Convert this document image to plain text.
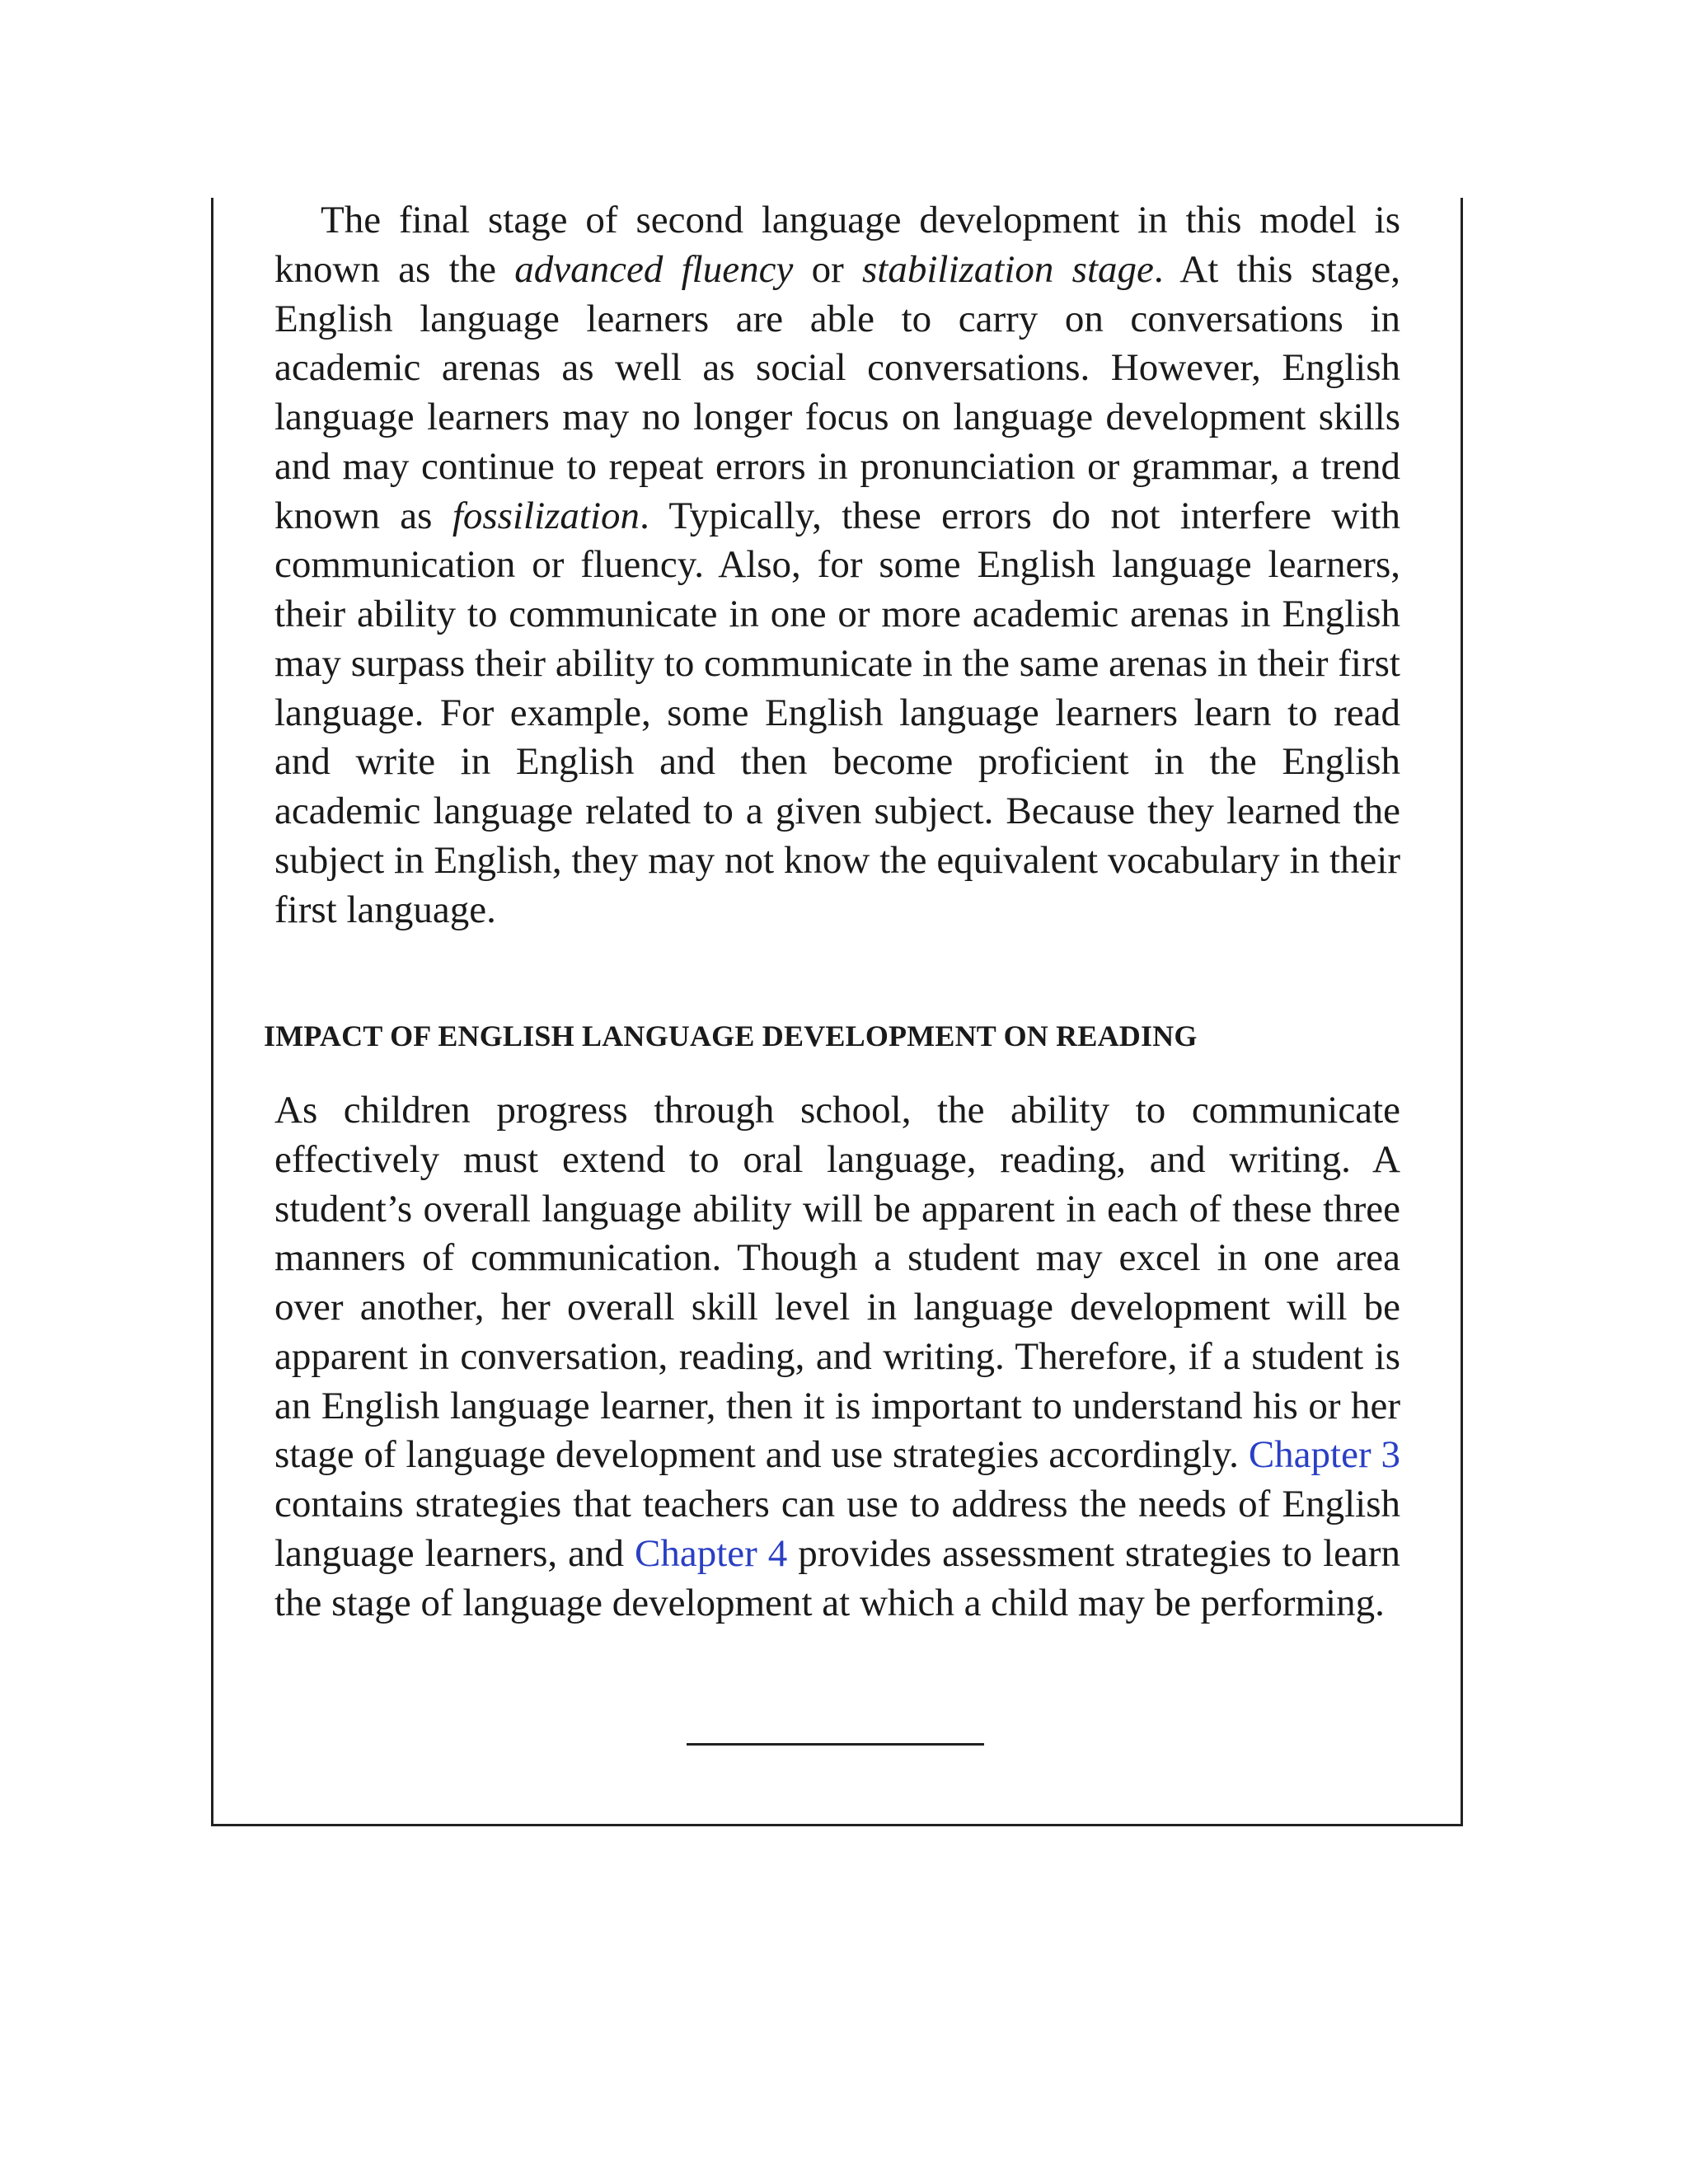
The final stage of second language development in this model is known as the advanced fluency or stabilization stage. At this stage, English language learners are able to carry on conversations in academic arenas as well as social conversations. However, English language learners may no longer focus on language development skills and may continue to repeat errors in pronunciation or grammar, a trend known as fossilization. Typically, these errors do not interfere with communication or fluency. Also, for some English language learners, their ability to communicate in one or more academic arenas in English may surpass their ability to communicate in the same arenas in their first language. For example, some English language learners learn to read and write in English and then become proficient in the English academic language related to a given subject. Because they learned the subject in English, they may not know the equivalent vocabulary in their first language.

IMPACT OF ENGLISH LANGUAGE DEVELOPMENT ON READING

As children progress through school, the ability to communicate effectively must extend to oral language, reading, and writing. A student’s overall language ability will be apparent in each of these three manners of communication. Though a student may excel in one area over another, her overall skill level in language development will be apparent in conversation, reading, and writing. Therefore, if a student is an English language learner, then it is important to understand his or her stage of language development and use strategies accordingly. Chapter 3 contains strategies that teachers can use to address the needs of English language learners, and Chapter 4 provides assessment strategies to learn the stage of language development at which a child may be performing.
